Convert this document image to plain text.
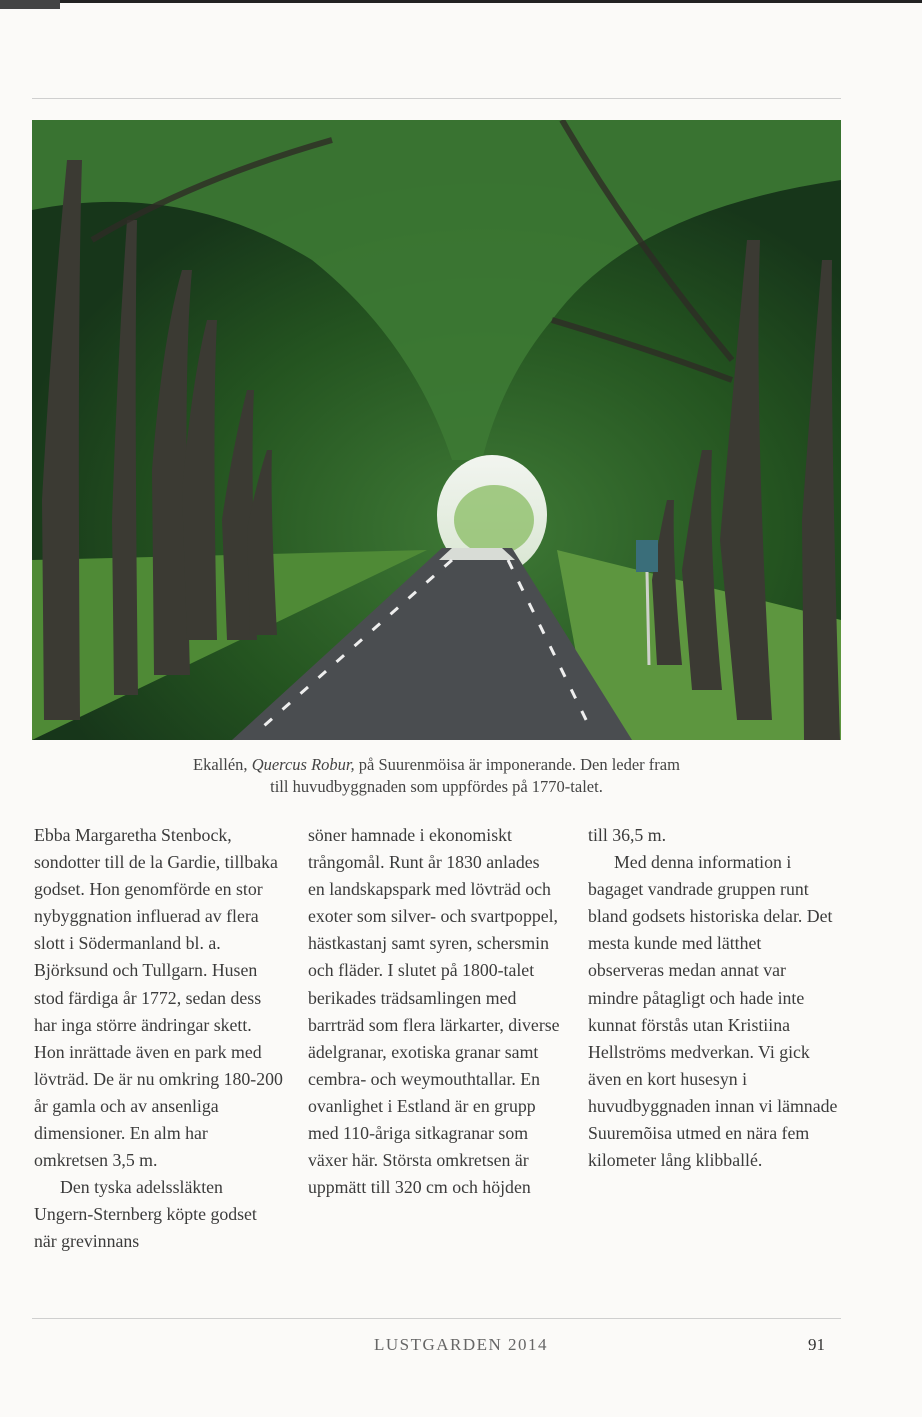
Ekallén, Quercus Robur, på Suurenmöisa är imponerande. Den leder fram
till huvudbyggnaden som uppfördes på 1770-talet.

Ebba Margaretha Stenbock, sondotter till de la Gardie, tillbaka godset. Hon genomförde en stor nybyggnation influerad av flera slott i Södermanland bl. a. Björksund och Tullgarn. Husen stod färdiga år 1772, sedan dess har inga större ändringar skett. Hon inrättade även en park med lövträd. De är nu omkring 180-200 år gamla och av ansenliga dimensioner. En alm har omkretsen 3,5 m.

Den tyska adelssläkten Ungern-Sternberg köpte godset när grevinnans

söner hamnade i ekonomiskt trångomål. Runt år 1830 anlades en landskapspark med lövträd och exoter som silver- och svartpoppel, hästkastanj samt syren, schersmin och fläder. I slutet på 1800-talet berikades trädsamlingen med barrträd som flera lärkarter, diverse ädelgranar, exotiska granar samt cembra- och weymouthtallar. En ovanlighet i Estland är en grupp med 110-åriga sitkagranar som växer här. Största omkretsen är uppmätt till 320 cm och höjden

till 36,5 m.

Med denna information i bagaget vandrade gruppen runt bland godsets historiska delar. Det mesta kunde med lätthet observeras medan annat var mindre påtagligt och hade inte kunnat förstås utan Kristiina Hellströms medverkan. Vi gick även en kort husesyn i huvudbyggnaden innan vi lämnade Suuremõisa utmed en nära fem kilometer lång klibballé.

LUSTGARDEN 2014	91
